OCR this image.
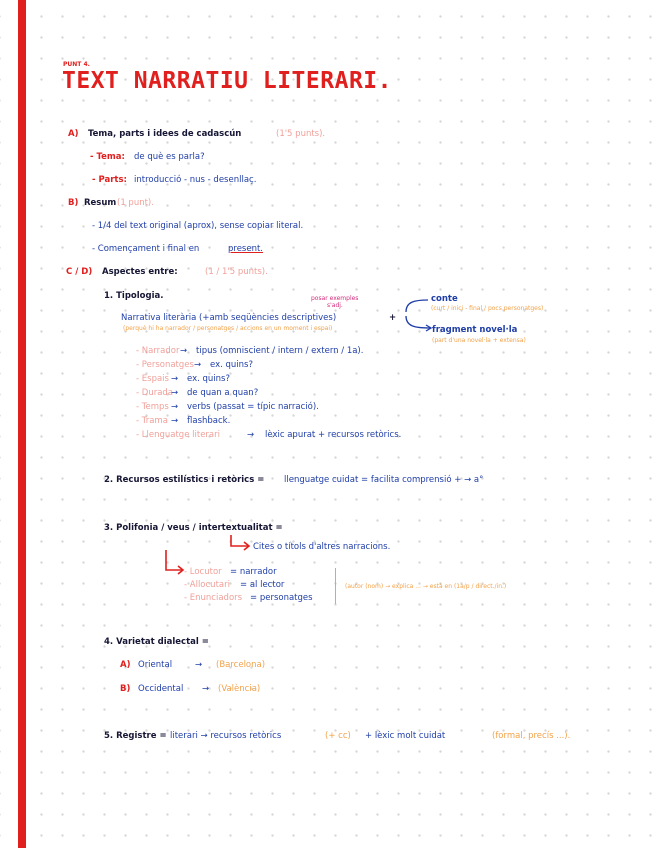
PUNT 4.
TEXT NARRATIU LITERARI.
A) Tema, parts i idees de cadascún	(1'5 punts).
- Tema: de què es parla?
- Parts: introducció - nus - desenllaç.
B) Resum (1 punt).
- 1/4 del text original (aprox), sense copiar literal.
- Començament i final en	present.
C / D) Aspectes entre:	(1 / 1'5 punts).
1. Tipologia.	posar exemples
s'adj.
Narrativa literària (+amb seqüències descriptives)	+
(perquè hi ha narrador / personatges / accions en un moment i espai)
conte
(curt / inici - final / pocs personatges)
fragment novel·la
(part d'una novel·la + extensa)
- Narrador → tipus (omniscient / intern / extern / 1a).
- Personatges → ex. quins?
- Espais → ex. quins?
- Durada
→ de quan a quan?
- Temps → verbs (passat = típic narració).
- Trama → flashback.
- Llenguatge literari	→ lèxic apurat + recursos retòrics.
2. Recursos estilístics i retòrics = llenguatge cuidat = facilita comprensió + → a°
3. Polifonia / veus / intertextualitat =
Cites o títols d'altres narracions.
- Locutor = narrador
- Allocutari = al lector
- Enunciadors = personatges
(autor (nom) → explica ... → està en (1a/p / direct./in.)
4. Varietat dialectal =
A) Oriental	→ (Barcelona)
B) Occidental → (València)
5. Registre = literari → recursos retòrics	(+ cc) + lèxic molt cuidat	(formal, precís ...).
